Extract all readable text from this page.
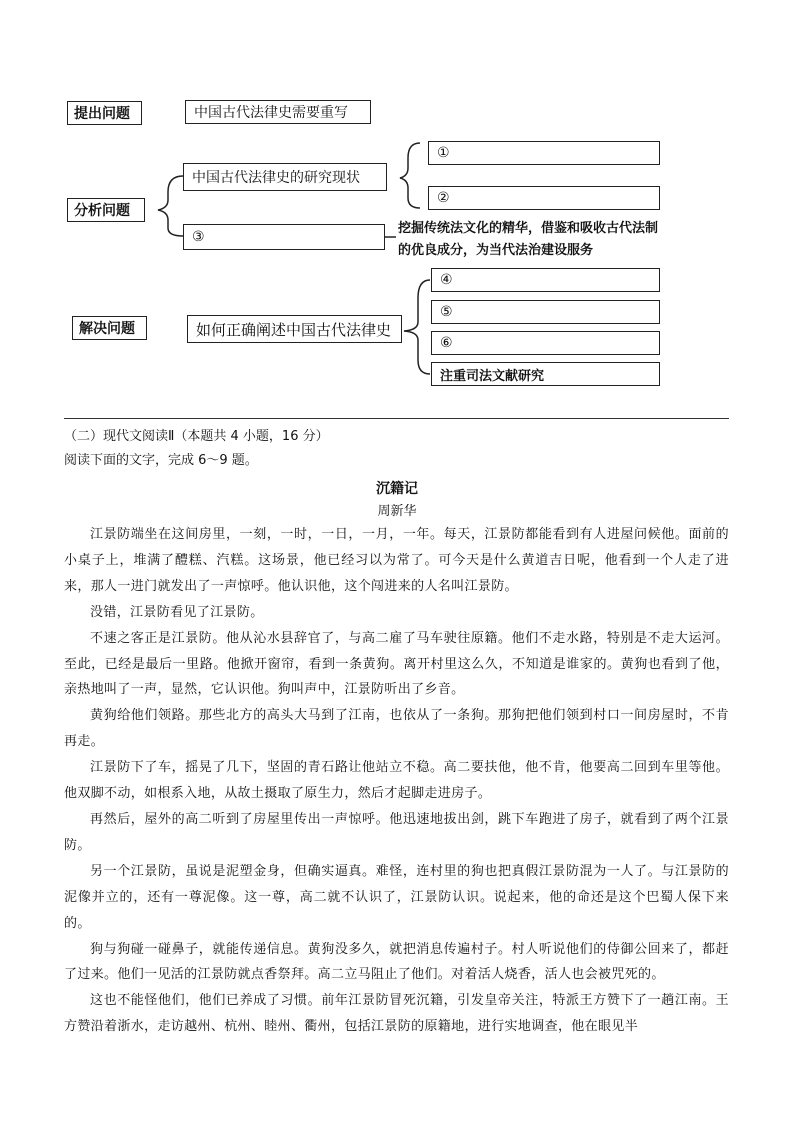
提出问题	中国古代法律史需要重写
分析问题
中国古代法律史的研究现状
①
②
③
挖掘传统法文化的精华，借鉴和吸收古代法制的优良成分，为当代法治建设服务
解决问题	如何正确阐述中国古代法律史
④
⑤
⑥
注重司法文献研究
（二）现代文阅读Ⅱ（本题共 4 小题，16 分）
阅读下面的文字，完成 6～9 题。
沉籍记
周新华

江景防端坐在这间房里，一刻，一时，一日，一月，一年。每天，江景防都能看到有人进屋问候他。面前的小桌子上，堆满了醴糕、汽糕。这场景，他已经习以为常了。可今天是什么黄道吉日呢，他看到一个人走了进来，那人一进门就发出了一声惊呼。他认识他，这个闯进来的人名叫江景防。

没错，江景防看见了江景防。

不速之客正是江景防。他从沁水县辞官了，与高二雇了马车驶往原籍。他们不走水路，特别是不走大运河。至此，已经是最后一里路。他掀开窗帘，看到一条黄狗。离开村里这么久，不知道是谁家的。黄狗也看到了他，亲热地叫了一声，显然，它认识他。狗叫声中，江景防听出了乡音。

黄狗给他们领路。那些北方的高头大马到了江南，也依从了一条狗。那狗把他们领到村口一间房屋时，不肯再走。

江景防下了车，摇晃了几下，坚固的青石路让他站立不稳。高二要扶他，他不肯，他要高二回到车里等他。他双脚不动，如根系入地，从故土摄取了原生力，然后才起脚走进房子。

再然后，屋外的高二听到了房屋里传出一声惊呼。他迅速地拔出剑，跳下车跑进了房子，就看到了两个江景防。

另一个江景防，虽说是泥塑金身，但确实逼真。难怪，连村里的狗也把真假江景防混为一人了。与江景防的泥像并立的，还有一尊泥像。这一尊，高二就不认识了，江景防认识。说起来，他的命还是这个巴蜀人保下来的。

狗与狗碰一碰鼻子，就能传递信息。黄狗没多久，就把消息传遍村子。村人听说他们的侍御公回来了，都赶了过来。他们一见活的江景防就点香祭拜。高二立马阻止了他们。对着活人烧香，活人也会被咒死的。

这也不能怪他们，他们已养成了习惯。前年江景防冒死沉籍，引发皇帝关注，特派王方赞下了一趟江南。王方赞沿着浙水，走访越州、杭州、睦州、衢州，包括江景防的原籍地，进行实地调查，他在眼见半
